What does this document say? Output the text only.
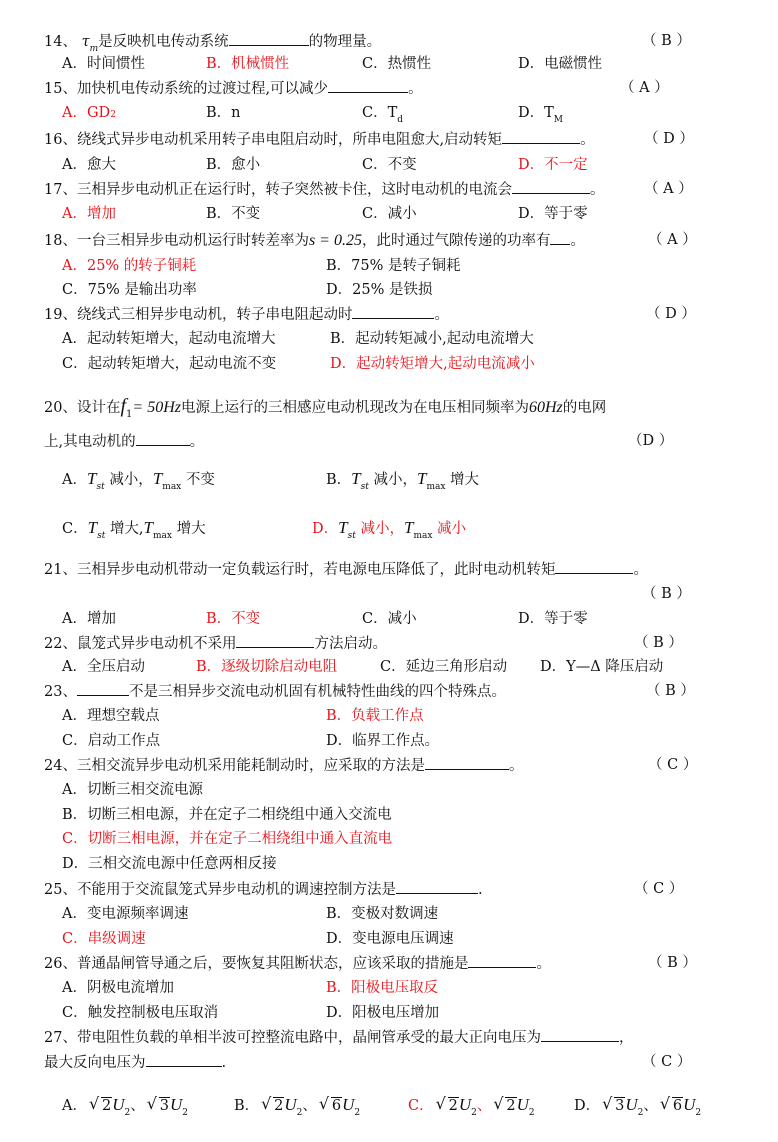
14、 $\tau_m$是反映机电传动系统	的物理量。	（ B ）
A．时间惯性	B．机械惯性	C．热惯性	D．电磁惯性
15、加快机电传动系统的过渡过程,可以减少	。	（ A ）
A．GD2	B．n	C．$T_d$	D．$T_M$
16、绕线式异步电动机采用转子串电阻启动时，所串电阻愈大,启动转矩	。	（ D ）
A．愈大	B．愈小	C．不变	D．不一定
17、三相异步电动机正在运行时，转子突然被卡住，这时电动机的电流会	。	（ A ）
A．增加	B．不变	C．减小	D．等于零
18、一台三相异步电动机运行时转差率为s = 0.25，此时通过气隙传递的功率有 。	（ A ）
A．25% 的转子铜耗	B．75% 是转子铜耗
C．75% 是输出功率	D．25% 是铁损
19、绕线式三相异步电动机，转子串电阻起动时	。	（ D ）
A．起动转矩增大，起动电流增大	B．起动转矩减小,起动电流增大
C．起动转矩增大，起动电流不变	D．起动转矩增大,起动电流减小
20、设计在$f_1= 50Hz$电源上运行的三相感应电动机现改为在电压相同频率为60Hz的电网
上,其电动机的	。	（D ）
A．$T_{st}$ 减小，$T_{max}$ 不变	B．$T_{st}$ 减小，$T_{max}$ 增大
C．$T_{st}$ 增大$,T_{max}$ 增大	D．$T_{st}$ 减小，$T_{max}$ 减小
21、三相异步电动机带动一定负载运行时，若电源电压降低了，此时电动机转矩	。
（ B ）
A．增加	B．不变	C．减小	D．等于零
22、鼠笼式异步电动机不采用	方法启动。	（ B ）
A．全压启动	B．逐级切除启动电阻	C．延边三角形启动 D．Y—Δ 降压启动
23、	不是三相异步交流电动机固有机械特性曲线的四个特殊点。	（ B ）
A．理想空载点	B．负载工作点
C．启动工作点	D．临界工作点。
24、三相交流异步电动机采用能耗制动时，应采取的方法是	。	（ C ）
A．切断三相交流电源
B．切断三相电源，并在定子二相绕组中通入交流电
C．切断三相电源，并在定子二相绕组中通入直流电
D．三相交流电源中任意两相反接
25、不能用于交流鼠笼式异步电动机的调速控制方法是	.	（ C ）
A．变电源频率调速	B．变极对数调速
C．串级调速	D．变电源电压调速
26、普通晶闸管导通之后，要恢复其阻断状态，应该采取的措施是	。	（ B ）
A．阴极电流增加	B．阳极电压取反
C．触发控制极电压取消	D．阳极电压增加
27、带电阻性负载的单相半波可控整流电路中，晶闸管承受的最大正向电压为	，
最大反向电压为	.	（ C ）
A． √ $2U_2$、 √ $3U_2$	B． √ $2U_2$、 √ $6U_2$	C． √ $2U_2$、 √ $2U_2$	D． √ $3U_2$、 √ $6U_2$
